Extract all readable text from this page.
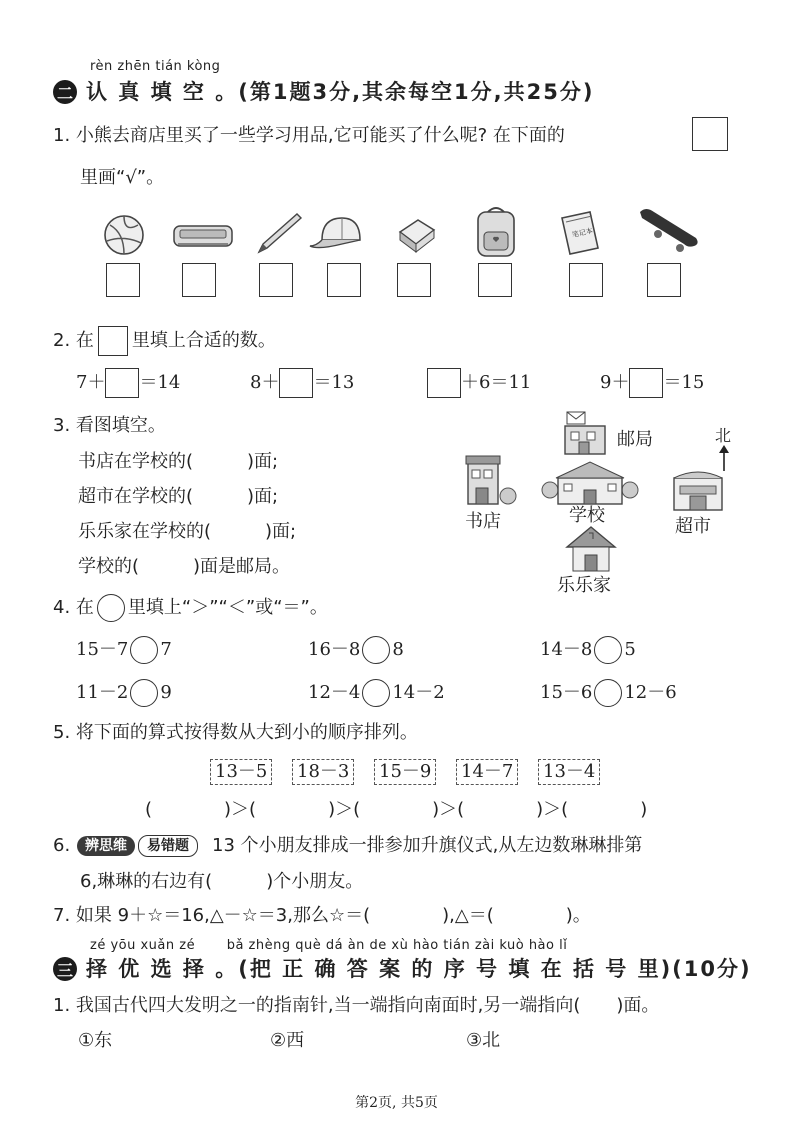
rèn zhēn tián kòng
二 认 真 填 空 。(第1题3分,其余每空1分,共25分)
1. 小熊去商店里买了一些学习用品,它可能买了什么呢? 在下面的
里画“√”。
笔记本
2. 在 里填上合适的数。
7＋ ＝14	8＋ ＝13	＋6＝11	9＋ ＝15
3. 看图填空。
书店在学校的(　　　)面;
超市在学校的(　　　)面;
乐乐家在学校的(　　　)面;
学校的(　　　)面是邮局。
邮局	北
书店	学校
超市
乐乐家
4. 在 里填上“＞”“＜”或“＝”。
15－7 7	16－8 8	14－8 5
11－2 9	12－4 14－2	15－6 12－6
5. 将下面的算式按得数从大到小的顺序排列。
13－5 18－3 15－9 14－7 13－4
(　　　　)＞(　　　　)＞(　　　　)＞(　　　　)＞(　　　　)
6.	辨思维	易错题	13 个小朋友排成一排参加升旗仪式,从左边数琳琳排第
6,琳琳的右边有(　　　)个小朋友。
7. 如果 9＋☆＝16,△－☆＝3,那么☆＝(　　　　),△＝(　　　　)。
zé yōu xuǎn zé　　 bǎ zhèng què dá àn de xù hào tián zài kuò hào lǐ
三 择 优 选 择 。(把 正 确 答 案 的 序 号 填 在 括 号 里)(10分)
1. 我国古代四大发明之一的指南针,当一端指向南面时,另一端指向(　　)面。
①东	②西	③北
第2页, 共5页
